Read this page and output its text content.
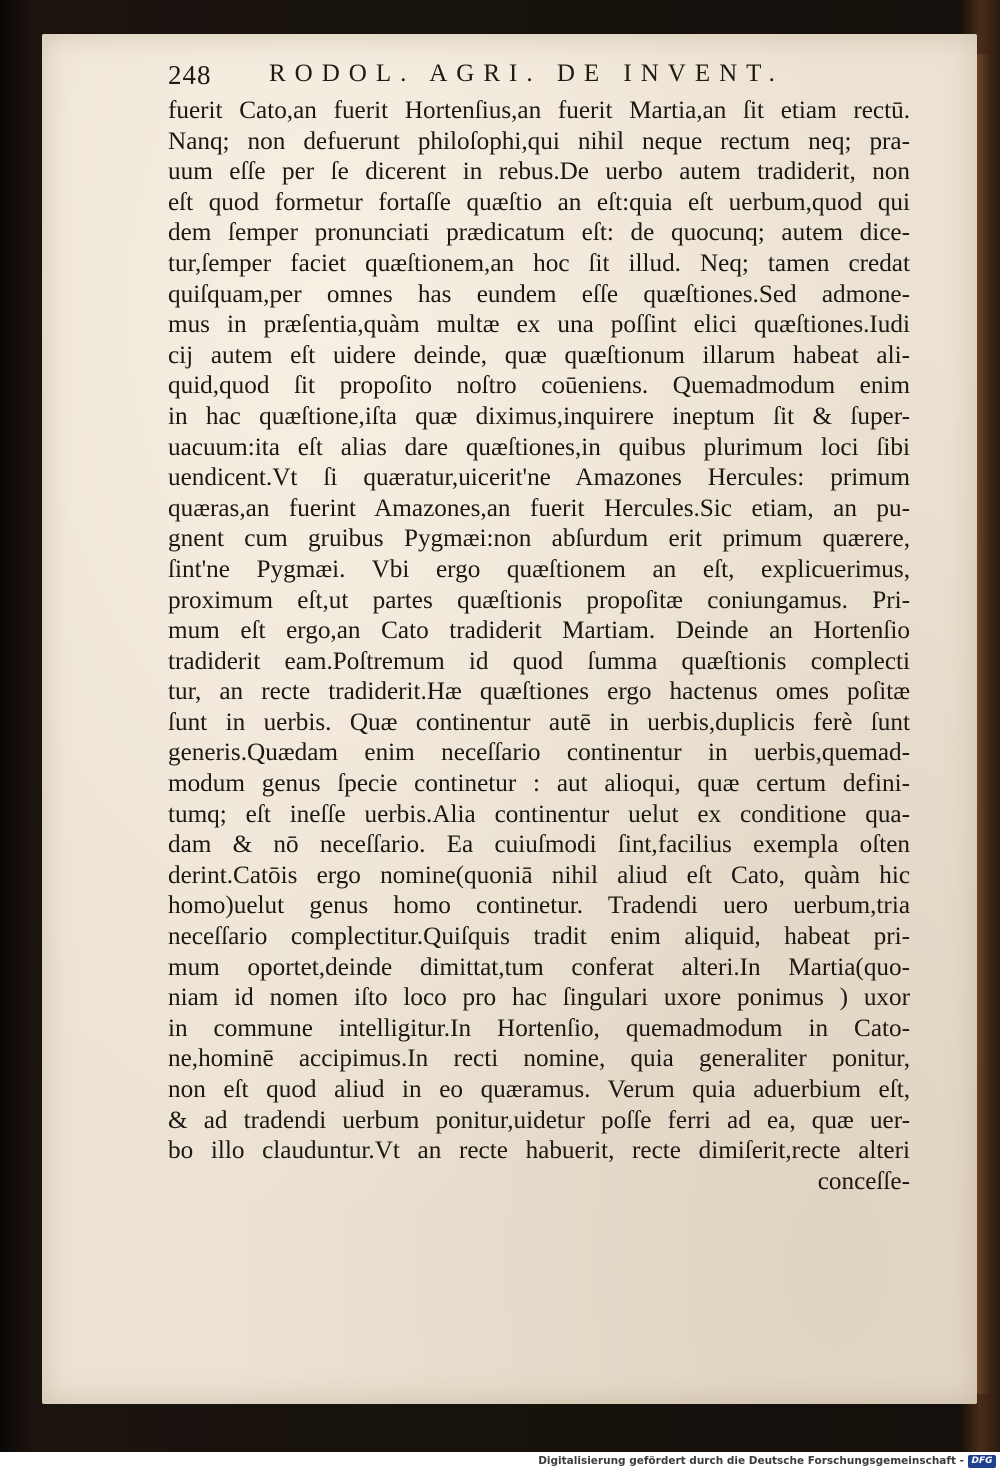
248 RODOL. AGRI. DE INVENT.
fuerit Cato,an fuerit Hortenſius,an fuerit Martia,an ſit etiam rectū.
Nanq; non defuerunt philoſophi,qui nihil neque rectum neq; pra-
uum eſſe per ſe dicerent in rebus.De uerbo autem tradiderit, non
eſt quod formetur fortaſſe quæſtio an eſt:quia eſt uerbum,quod qui
dem ſemper pronunciati prædicatum eſt: de quocunq; autem dice-
tur,ſemper faciet quæſtionem,an hoc ſit illud. Neq; tamen credat
quiſquam,per omnes has eundem eſſe quæſtiones.Sed admone-
mus in præſentia,quàm multæ ex una poſſint elici quæſtiones.Iudi
cij autem eſt uidere deinde, quæ quæſtionum illarum habeat ali-
quid,quod ſit propoſito noſtro coūeniens. Quemadmodum enim
in hac quæſtione,iſta quæ diximus,inquirere ineptum ſit & ſuper-
uacuum:ita eſt alias dare quæſtiones,in quibus plurimum loci ſibi
uendicent.Vt ſi quæratur,uicerit'ne Amazones Hercules: primum
quæras,an fuerint Amazones,an fuerit Hercules.Sic etiam, an pu-
gnent cum gruibus Pygmæi:non abſurdum erit primum quærere,
ſint'ne Pygmæi. Vbi ergo quæſtionem an eſt, explicuerimus,
proximum eſt,ut partes quæſtionis propoſitæ coniungamus. Pri-
mum eſt ergo,an Cato tradiderit Martiam. Deinde an Hortenſio
tradiderit eam.Poſtremum id quod ſumma quæſtionis complecti
tur, an recte tradiderit.Hæ quæſtiones ergo hactenus omes poſitæ
ſunt in uerbis. Quæ continentur autē in uerbis,duplicis ferè ſunt
generis.Quædam enim neceſſario continentur in uerbis,quemad-
modum genus ſpecie continetur : aut alioqui, quæ certum defini-
tumq; eſt ineſſe uerbis.Alia continentur uelut ex conditione qua-
dam & nō neceſſario. Ea cuiuſmodi ſint,facilius exempla oſten
derint.Catōis ergo nomine(quoniā nihil aliud eſt Cato, quàm hic
homo)uelut genus homo continetur. Tradendi uero uerbum,tria
neceſſario complectitur.Quiſquis tradit enim aliquid, habeat pri-
mum oportet,deinde dimittat,tum conferat alteri.In Martia(quo-
niam id nomen iſto loco pro hac ſingulari uxore ponimus ) uxor
in commune intelligitur.In Hortenſio, quemadmodum in Cato-
ne,hominē accipimus.In recti nomine, quia generaliter ponitur,
non eſt quod aliud in eo quæramus. Verum quia aduerbium eſt,
& ad tradendi uerbum ponitur,uidetur poſſe ferri ad ea, quæ uer-
bo illo clauduntur.Vt an recte habuerit, recte dimiſerit,recte alteri
conceſſe-
Digitalisierung gefördert durch die Deutsche Forschungsgemeinschaft - DFG
